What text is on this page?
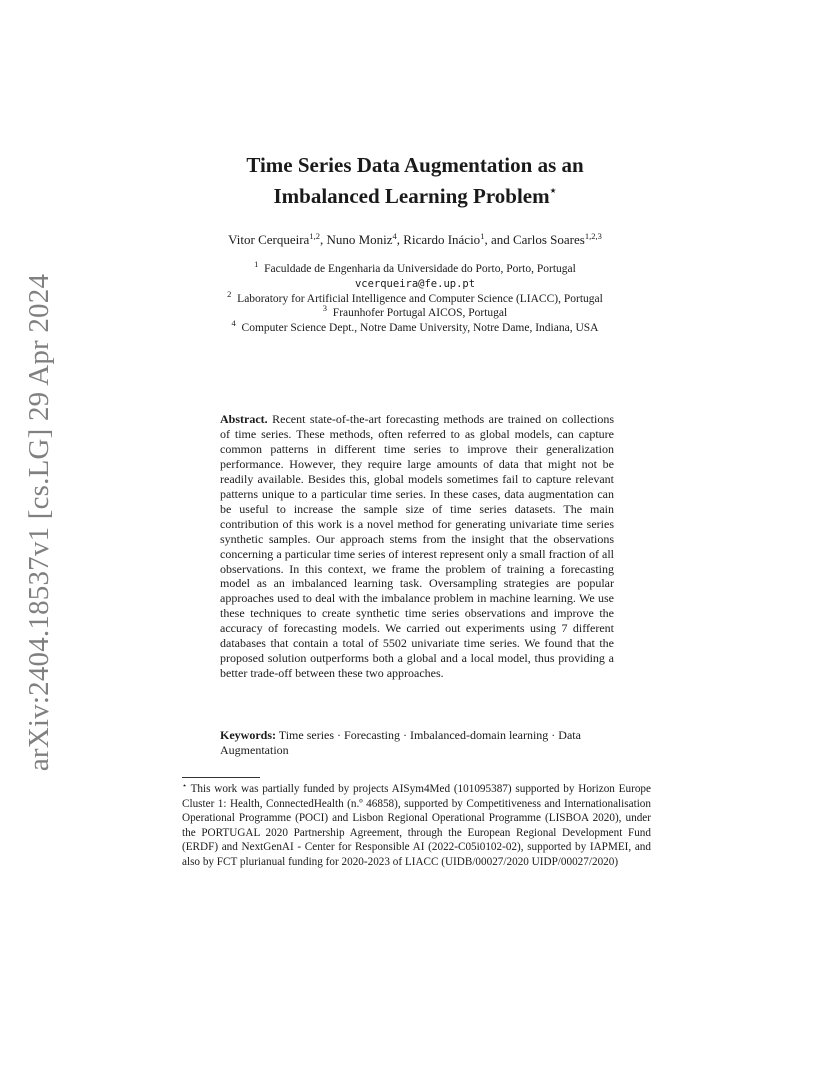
arXiv:2404.18537v1 [cs.LG] 29 Apr 2024
Time Series Data Augmentation as an
Imbalanced Learning Problem⋆
Vitor Cerqueira$^{1,2}$, Nuno Moniz$^4$, Ricardo Inácio$^1$, and Carlos Soares$^{1,2,3}$
$^1$ Faculdade de Engenharia da Universidade do Porto, Porto, Portugal
vcerqueira@fe.up.pt
$^2$ Laboratory for Artificial Intelligence and Computer Science (LIACC), Portugal
$^3$ Fraunhofer Portugal AICOS, Portugal
$^4$ Computer Science Dept., Notre Dame University, Notre Dame, Indiana, USA
Abstract. Recent state-of-the-art forecasting methods are trained on collections of time series. These methods, often referred to as global models, can capture common patterns in different time series to improve their generalization performance. However, they require large amounts of data that might not be readily available. Besides this, global models sometimes fail to capture relevant patterns unique to a particular time series. In these cases, data augmentation can be useful to increase the sample size of time series datasets. The main contribution of this work is a novel method for generating univariate time series synthetic samples. Our approach stems from the insight that the observations concerning a particular time series of interest represent only a small fraction of all observations. In this context, we frame the problem of training a forecasting model as an imbalanced learning task. Oversampling strategies are popular approaches used to deal with the imbalance problem in machine learning. We use these techniques to create synthetic time series observations and improve the accuracy of forecasting models. We carried out experiments using 7 different databases that contain a total of 5502 univariate time series. We found that the proposed solution outperforms both a global and a local model, thus providing a better trade-off between these two approaches.
Keywords: Time series · Forecasting · Imbalanced-domain learning · Data Augmentation
⋆ This work was partially funded by projects AISym4Med (101095387) supported by Horizon Europe Cluster 1: Health, ConnectedHealth (n.º 46858), supported by Competitiveness and Internationalisation Operational Programme (POCI) and Lisbon Regional Operational Programme (LISBOA 2020), under the PORTUGAL 2020 Partnership Agreement, through the European Regional Development Fund (ERDF) and NextGenAI - Center for Responsible AI (2022-C05i0102-02), supported by IAPMEI, and also by FCT plurianual funding for 2020-2023 of LIACC (UIDB/00027/2020 UIDP/00027/2020)
